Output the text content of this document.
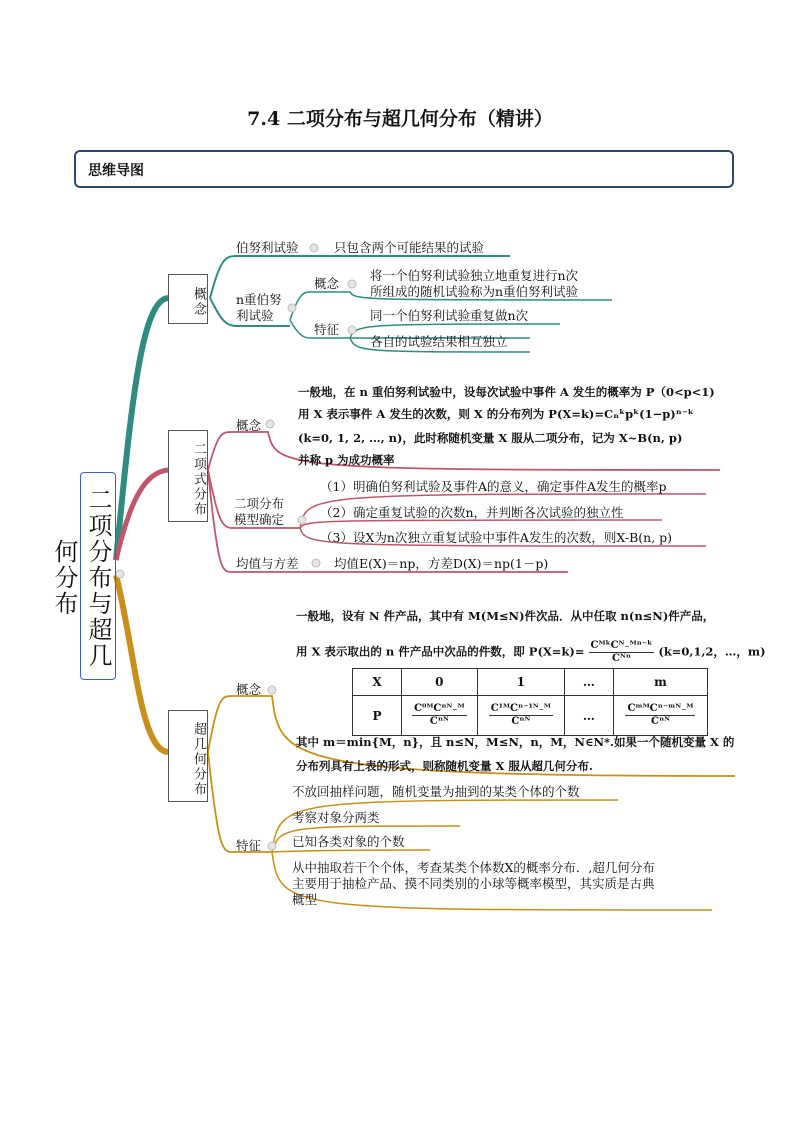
7.4 二项分布与超几何分布（精讲）
思维导图
二项分布与超几何分布
概念
伯努利试验	只包含两个可能结果的试验
n重伯努
利试验
概念
将一个伯努利试验独立地重复进行n次
所组成的随机试验称为n重伯努利试验
特征
同一个伯努利试验重复做n次
各自的试验结果相互独立
二项式分布
概念
一般地，在 n 重伯努利试验中，设每次试验中事件 A 发生的概率为 P（0<p<1)
用 X 表示事件 A 发生的次数，则 X 的分布列为 P(X=k)=Cₙᵏpᵏ(1−p)ⁿ⁻ᵏ
(k=0, 1, 2, …, n)，此时称随机变量 X 服从二项分布，记为 X~B(n, p)
并称 p 为成功概率
二项分布
模型确定
（1）明确伯努利试验及事件A的意义，确定事件A发生的概率p
（2）确定重复试验的次数n，并判断各次试验的独立性
（3）设X为n次独立重复试验中事件A发生的次数，则X-B(n, p)
均值与方差	均值E(X)＝np，方差D(X)＝np(1－p)
超几何分布
概念
一般地，设有 N 件产品，其中有 M(M≤N)件次品．从中任取 n(n≤N)件产品，
用 X 表示取出的 n 件产品中次品的件数，即 $P(X=k)= \frac{\text{CᴹᵏCᴺ₋ᴹⁿ⁻ᵏ}}{\text{Cᴺⁿ}} (k=0,1,2$，…，m)
X	0	1	…	m
P	$\frac{\text{C⁰ᴹCⁿᴺ₋ᴹ}}{\text{Cⁿᴺ}}$	$\frac{\text{C¹ᴹCⁿ⁻¹ᴺ₋ᴹ}}{\text{Cⁿᴺ}}$	…	$\frac{\text{CᵐᴹCⁿ⁻ᵐᴺ₋ᴹ}}{\text{Cⁿᴺ}}$
其中 m＝min{M，n}，且 n≤N，M≤N，n，M，N∈N*.如果一个随机变量 X 的
分布列具有上表的形式，则称随机变量 X 服从超几何分布.
特征
不放回抽样问题，随机变量为抽到的某类个体的个数
考察对象分两类
已知各类对象的个数
从中抽取若干个个体，考查某类个体数X的概率分布．,超几何分布
主要用于抽检产品、摸不同类别的小球等概率模型，其实质是古典
概型
